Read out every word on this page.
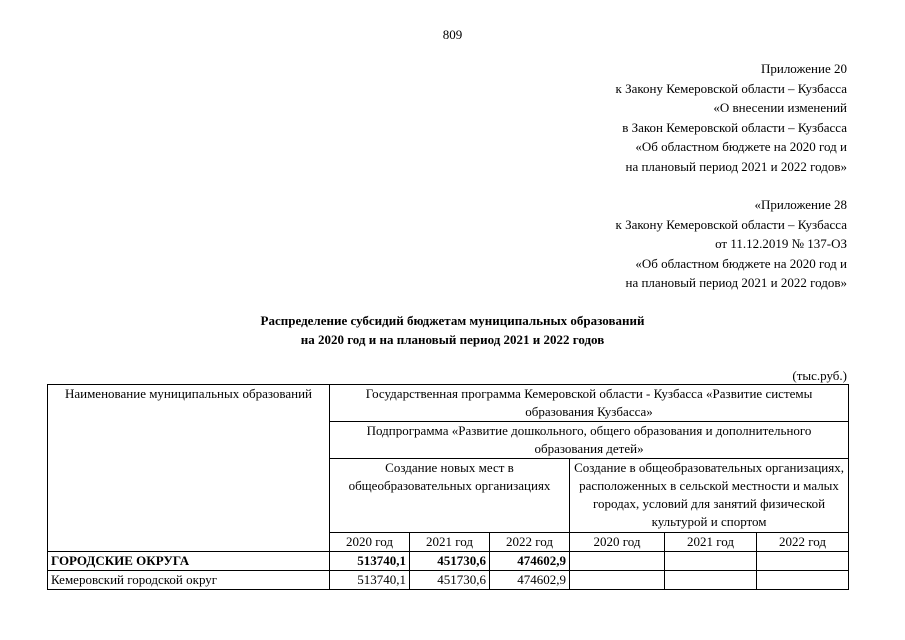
809
Приложение 20
к Закону Кемеровской области – Кузбасса
«О внесении изменений
в Закон Кемеровской области – Кузбасса
«Об областном бюджете на 2020 год и
на плановый период 2021 и 2022 годов»
«Приложение 28
к Закону Кемеровской области – Кузбасса
от 11.12.2019 № 137-ОЗ
«Об областном бюджете на 2020 год и
на плановый период 2021 и 2022 годов»
Распределение субсидий бюджетам муниципальных образований
на 2020 год и на плановый период 2021 и 2022 годов
(тыс.руб.)
Наименование муниципальных образований	Государственная программа Кемеровской области - Кузбасса «Развитие системы образования Кузбасса»					
	Подпрограмма «Развитие дошкольного, общего образования и дополнительного образования детей»					
	Создание новых мест в общеобразовательных организациях			Создание в общеобразовательных организациях, расположенных в сельской местности и малых городах, условий для занятий физической культурой и спортом		
	2020 год	2021 год	2022 год	2020 год	2021 год	2022 год
ГОРОДСКИЕ ОКРУГА	513740,1	451730,6	474602,9			
Кемеровский городской округ	513740,1	451730,6	474602,9			
